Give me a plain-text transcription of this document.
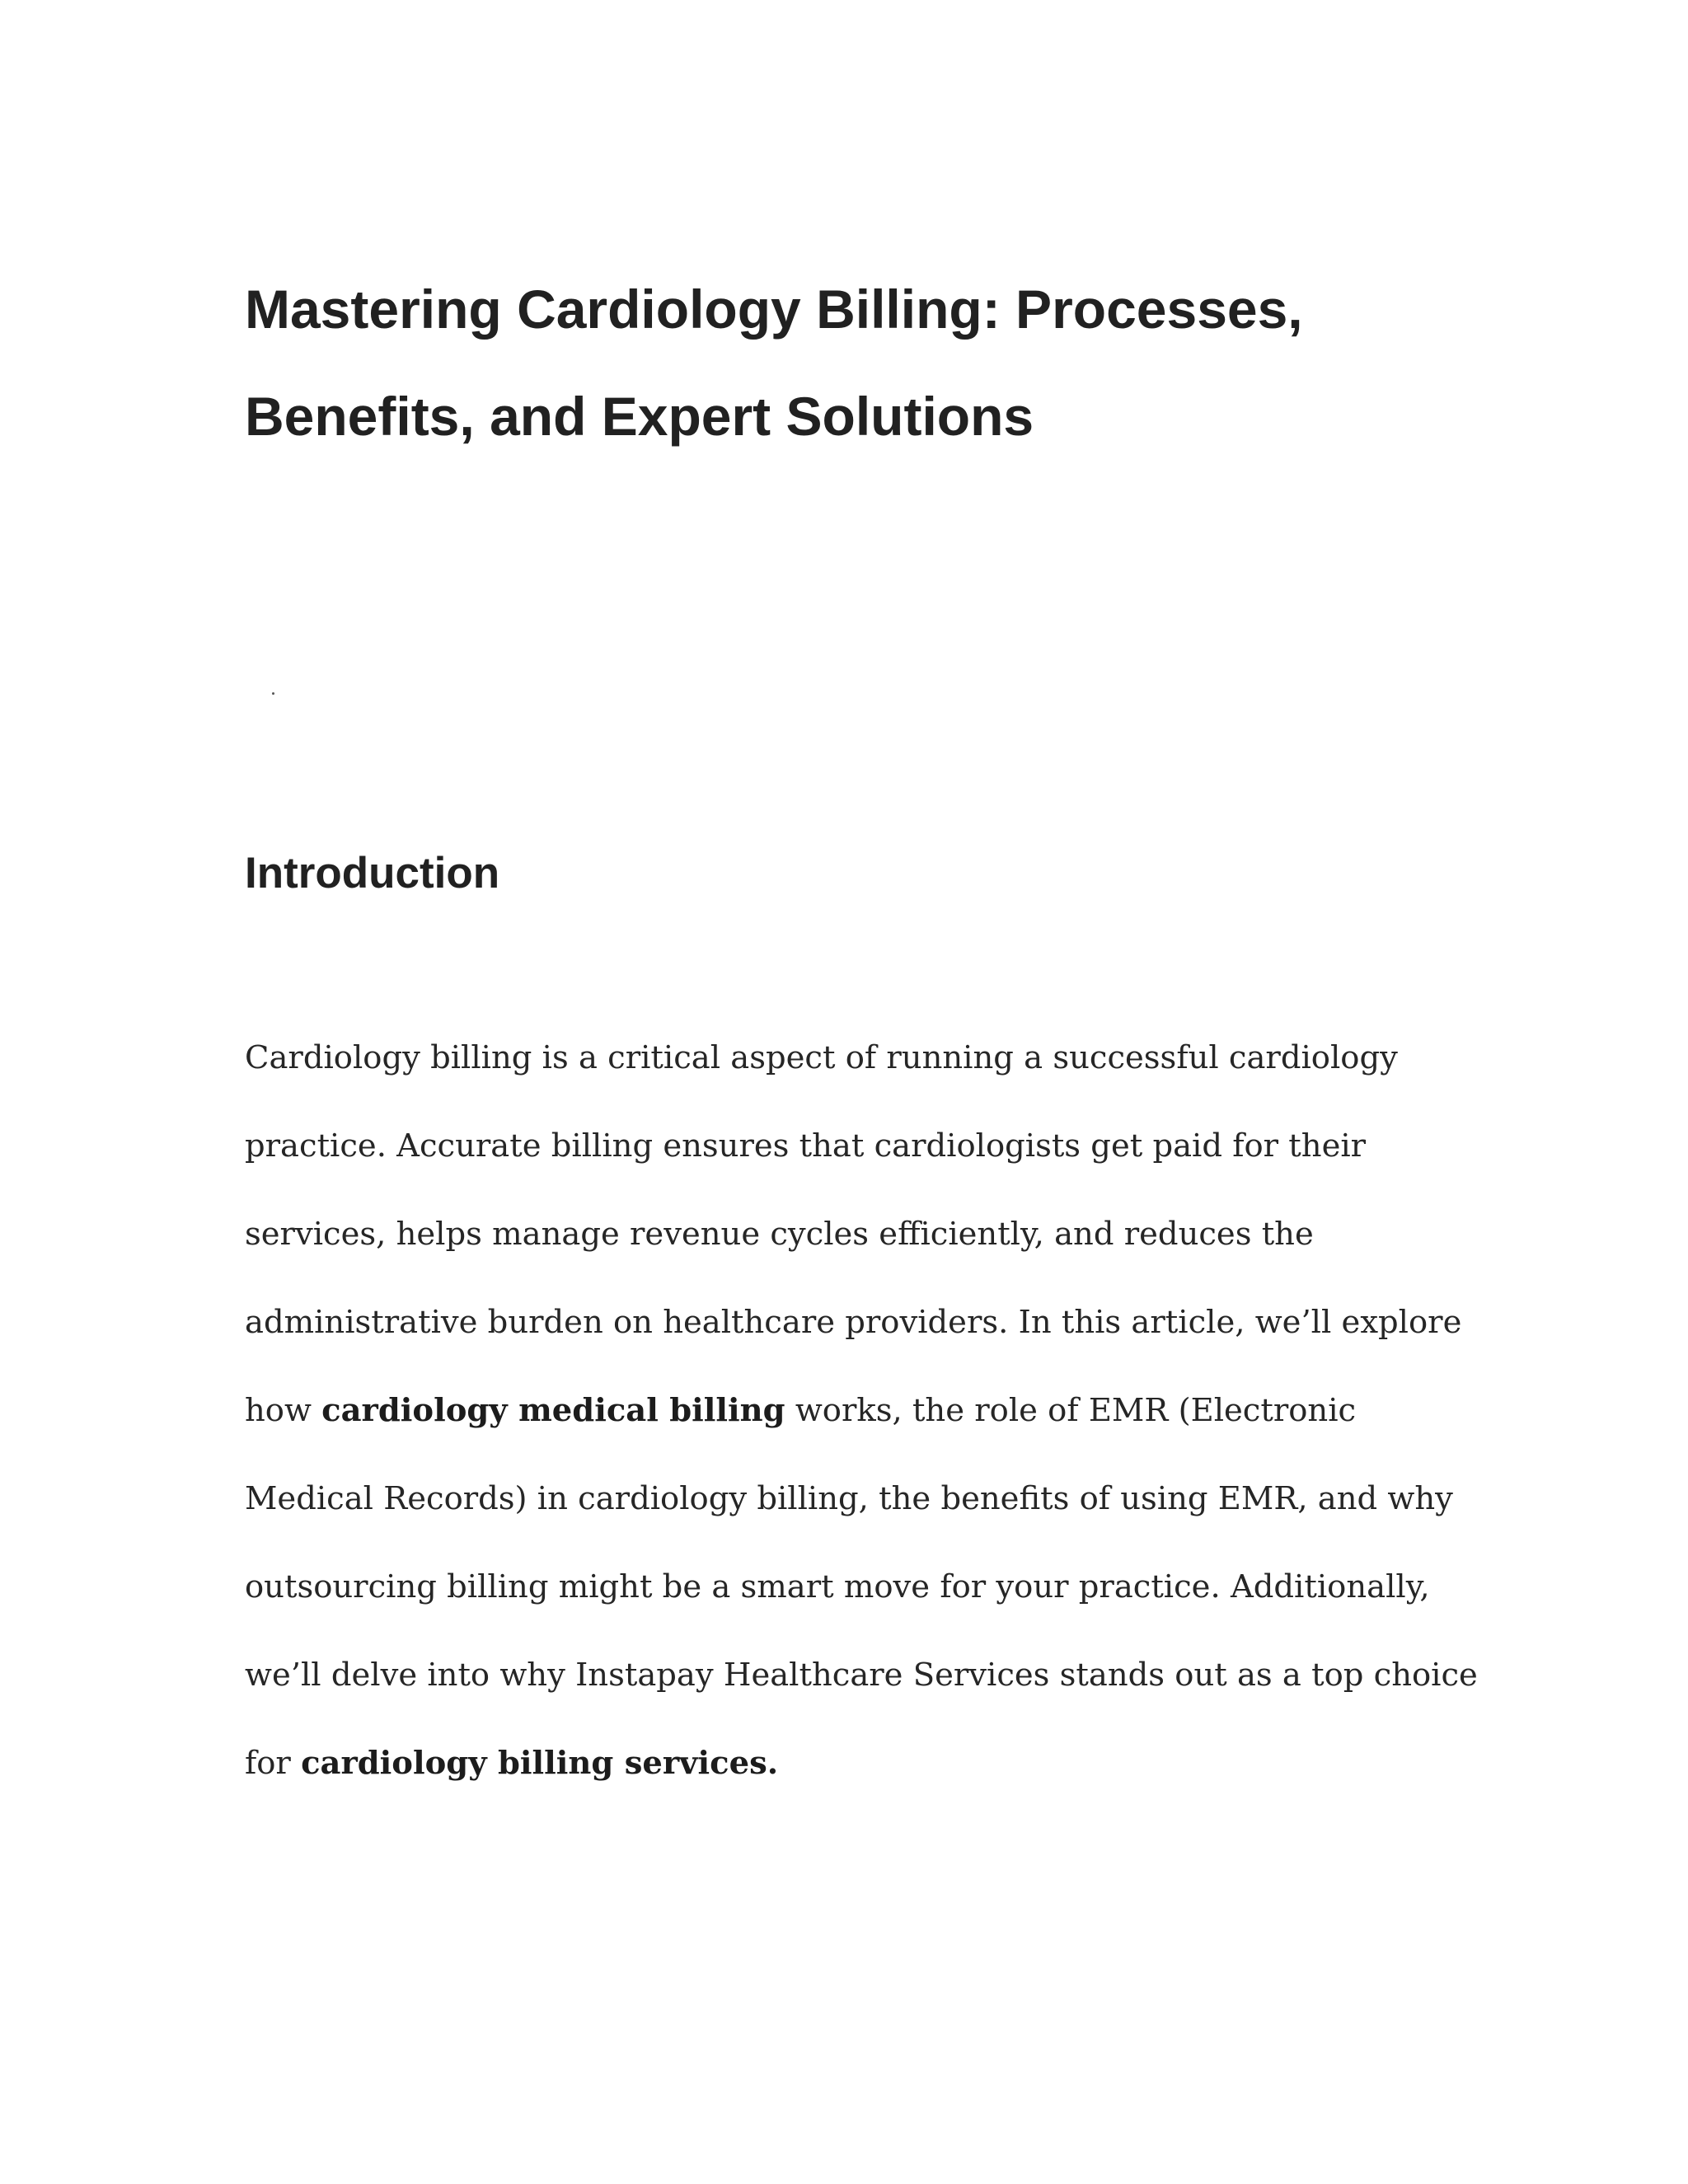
Mastering Cardiology Billing: Processes,
Benefits, and Expert Solutions
Introduction

Cardiology billing is a critical aspect of running a successful cardiology
practice. Accurate billing ensures that cardiologists get paid for their
services, helps manage revenue cycles efficiently, and reduces the
administrative burden on healthcare providers. In this article, we’ll explore
how cardiology medical billing works, the role of EMR (Electronic
Medical Records) in cardiology billing, the benefits of using EMR, and why
outsourcing billing might be a smart move for your practice. Additionally,
we’ll delve into why Instapay Healthcare Services stands out as a top choice
for cardiology billing services.
